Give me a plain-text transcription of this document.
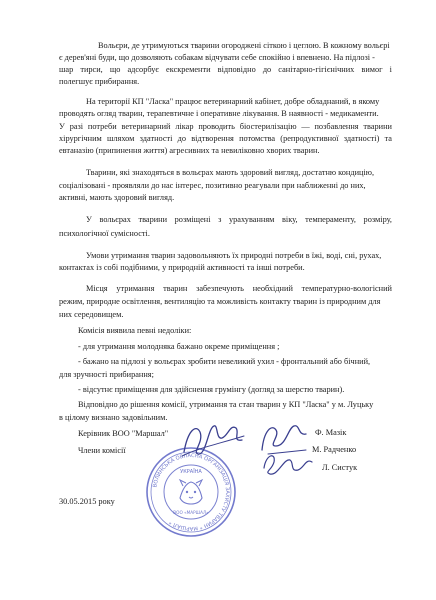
Вольєри, де утримуються тварини огороджені сіткою і цеглою. В кожному вольєрі
є дерев'яні буди, що дозволяють собакам відчувати себе спокійно і впевнено. На підлозі -
шар тирси, що адсорбує екскременти відповідно до санітарно-гігієнічних вимог і
полегшує прибирання.
На території КП "Ласка" працює ветеринарний кабінет, добре обладнаний, в якому
проводять огляд тварин, терапевтичне і оперативне лікування. В наявності - медикаменти.
У разі потреби ветеринарний лікар проводить біостерилізацію — позбавлення тварини
хірургічним шляхом здатності до відтворення потомства (репродуктивної здатності) та
евтаназію (припинення життя) агресивних та невиліковно хворих тварин.
Тварини, які знаходяться в вольєрах мають здоровий вигляд, достатню кондицію,
соціалізовані - проявляли до нас інтерес, позитивно реагували при наближенні до них,
активні, мають здоровий вигляд.
У вольєрах тварини розміщені з урахуванням віку, темпераменту, розміру,
психологічної сумісності.
Умови утримання тварин задовольняють їх природні потреби в їжі, воді, сні, рухах,
контактах із собі подібними, у природній активності та інші потреби.
Місця утримання тварин забезпечують необхідний температурно-вологісний
режим, природне освітлення, вентиляцію та можливість контакту тварин із природним для
них середовищем.
Комісія виявила певні недоліки:
- для утримання молодняка бажано окреме приміщення ;
- бажано на підлозі у вольєрах зробити невеликий ухил - фронтальний або бічний,
для зручності прибирання;
- відсутнє приміщення для здійснення грумінгу (догляд за шерстю тварин).
Відповідно до рішення комісії, утримання та стан тварин у КП "Ласка" у м. Луцьку
в цілому визнано задовільним.
Керівник ВОО "Маршал"
Члени комісії
Ф. Мазік
М. Радченко
Л. Систук
30.05.2015 року
ВОЛИНСЬКА ОБЛАСНА ОРГАНІЗАЦІЯ ЗАХИСТУ ТВАРИН * МАРШАЛ *
УКРАЇНА
ВОО «МАРШАЛ»
